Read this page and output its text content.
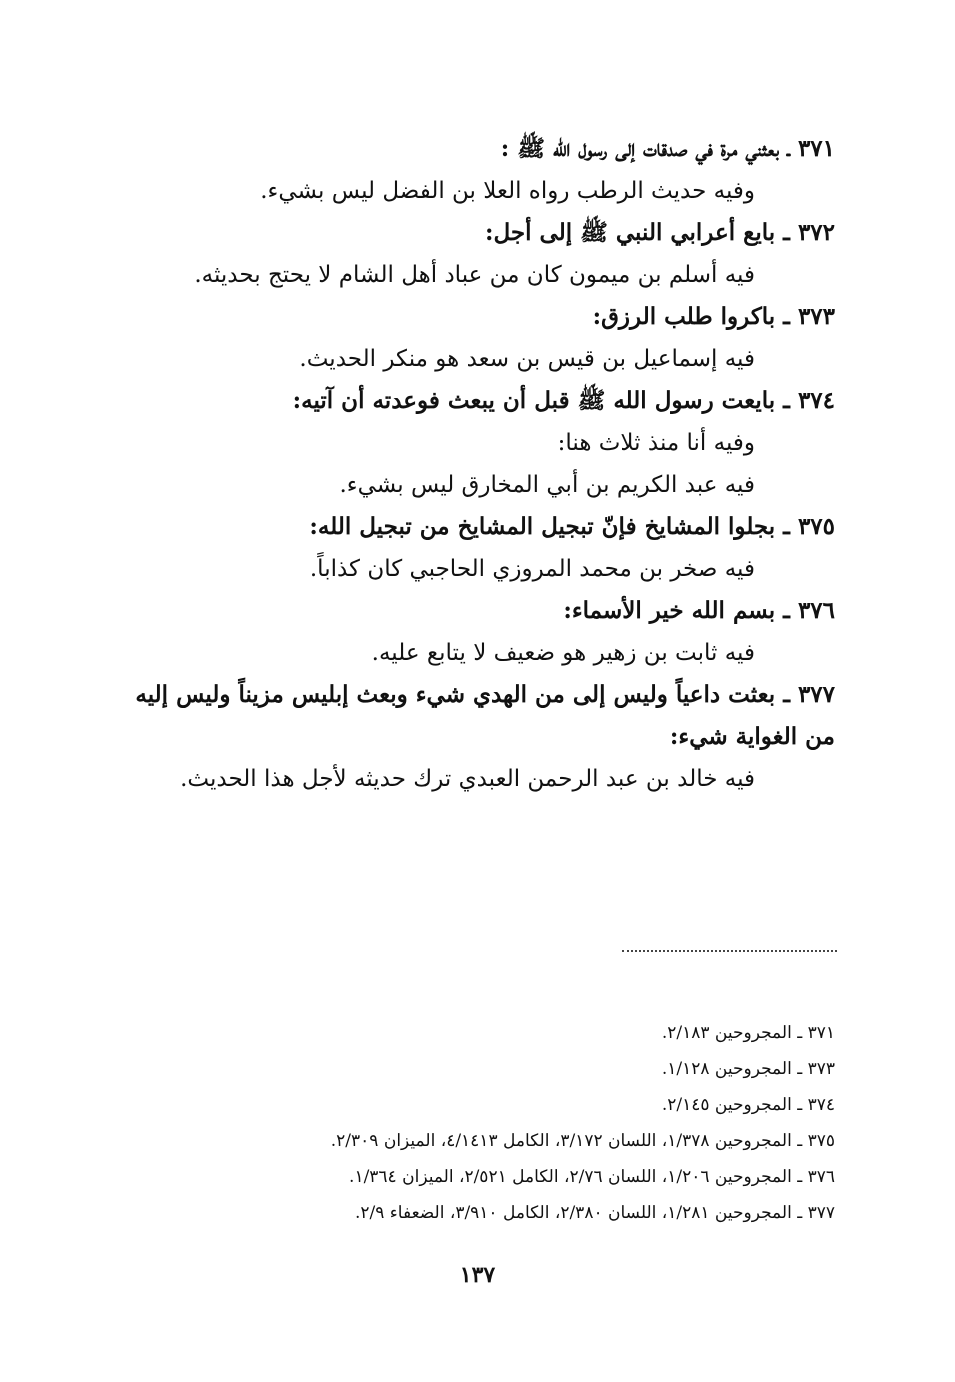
٣٧١ ـ بعثني مرة في صدقات إلى رسول الله ﷺ :
وفيه حديث الرطب رواه العلا بن الفضل ليس بشيء.
٣٧٢ ـ بايع أعرابي النبي ﷺ إلى أجل:
فيه أسلم بن ميمون كان من عباد أهل الشام لا يحتج بحديثه.
٣٧٣ ـ باكروا طلب الرزق:
فيه إسماعيل بن قيس بن سعد هو منكر الحديث.
٣٧٤ ـ بايعت رسول الله ﷺ قبل أن يبعث فوعدته أن آتيه:
وفيه أنا منذ ثلاث هنا:
فيه عبد الكريم بن أبي المخارق ليس بشيء.
٣٧٥ ـ بجلوا المشايخ فإنّ تبجيل المشايخ من تبجيل الله:
فيه صخر بن محمد المروزي الحاجبي كان كذاباً.
٣٧٦ ـ بسم الله خير الأسماء:
فيه ثابت بن زهير هو ضعيف لا يتابع عليه.
٣٧٧ ـ بعثت داعياً وليس إلى من الهدي شيء وبعث إبليس مزيناً وليس إليه
من الغواية شيء:
فيه خالد بن عبد الرحمن العبدي ترك حديثه لأجل هذا الحديث.
٣٧١ ـ المجروحين ٢/١٨٣.
٣٧٣ ـ المجروحين ١/١٢٨.
٣٧٤ ـ المجروحين ٢/١٤٥.
٣٧٥ ـ المجروحين ١/٣٧٨، اللسان ٣/١٧٢، الكامل ٤/١٤١٣، الميزان ٢/٣٠٩.
٣٧٦ ـ المجروحين ١/٢٠٦، اللسان ٢/٧٦، الكامل ٢/٥٢١، الميزان ١/٣٦٤.
٣٧٧ ـ المجروحين ١/٢٨١، اللسان ٢/٣٨٠، الكامل ٣/٩١٠، الضعفاء ٢/٩.
١٣٧
